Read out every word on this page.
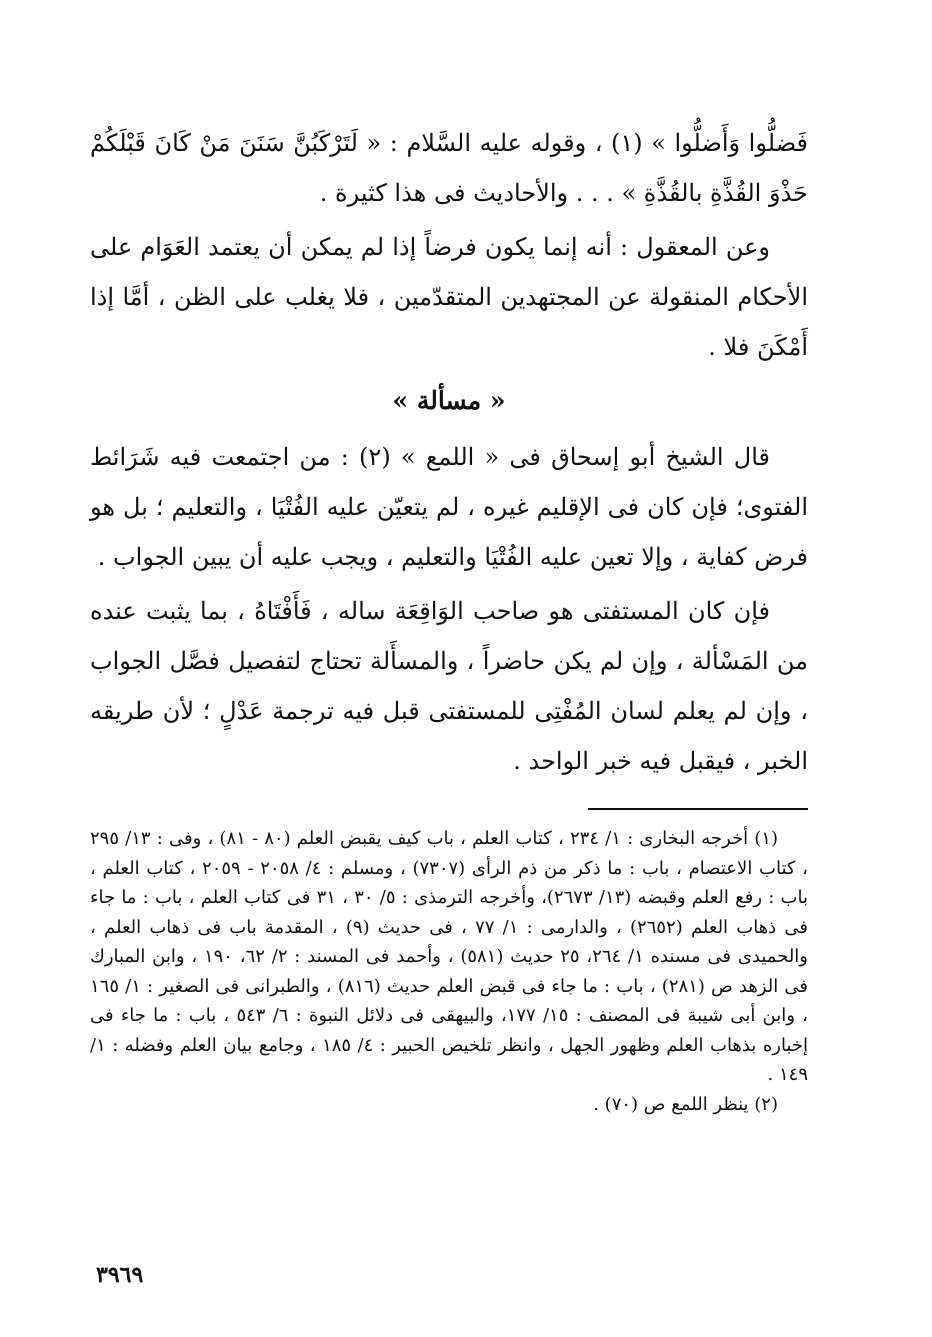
فَضلُّوا وَأَضلُّوا » (١) ، وقوله عليه السَّلام : « لَتَرْكَبُنَّ سَنَنَ مَنْ كَانَ قَبْلَكُمْ حَذْوَ القُذَّةِ بالقُذَّةِ » . . . والأحاديث فى هذا كثيرة .

وعن المعقول : أنه إنما يكون فرضاً إذا لم يمكن أن يعتمد العَوَام على الأحكام المنقولة عن المجتهدين المتقدّمين ، فلا يغلب على الظن ، أمَّا إذا أَمْكَنَ فلا .

« مسألة »

قال الشيخ أبو إسحاق فى « اللمع » (٢) : من اجتمعت فيه شَرَائط الفتوى؛ فإن كان فى الإقليم غيره ، لم يتعيّن عليه الفُتْيَا ، والتعليم ؛ بل هو فرض كفاية ، وإلا تعين عليه الفُتْيَا والتعليم ، ويجب عليه أن يبين الجواب .

فإن كان المستفتى هو صاحب الوَاقِعَة ساله ، فَأَفْتَاهُ ، بما يثبت عنده من المَسْألة ، وإن لم يكن حاضراً ، والمسأَلة تحتاج لتفصيل فصَّل الجواب ، وإن لم يعلم لسان المُفْتِى للمستفتى قبل فيه ترجمة عَدْلٍ ؛ لأن طريقه الخبر ، فيقبل فيه خبر الواحد .

(١) أخرجه البخارى : ١/ ٢٣٤ ، كتاب العلم ، باب كيف يقبض العلم (٨٠ - ٨١) ، وفى : ١٣/ ٢٩٥ ، كتاب الاعتصام ، باب : ما ذكر من ذم الرأى (٧٣٠٧) ، ومسلم : ٤/ ٢٠٥٨ - ٢٠٥٩ ، كتاب العلم ، باب : رفع العلم وقبضه (١٣/ ٢٦٧٣)، وأخرجه الترمذى : ٥/ ٣٠ ، ٣١ فى كتاب العلم ، باب : ما جاء فى ذهاب العلم (٢٦٥٢) ، والدارمى : ١/ ٧٧ ، فى حديث (٩) ، المقدمة باب فى ذهاب العلم ، والحميدى فى مسنده ١/ ٢٦٤، ٢٥ حديث (٥٨١) ، وأحمد فى المسند : ٢/ ٦٢، ١٩٠ ، وابن المبارك فى الزهد ص (٢٨١) ، باب : ما جاء فى قبض العلم حديث (٨١٦) ، والطبرانى فى الصغير : ١/ ١٦٥ ، وابن أبى شيبة فى المصنف : ١٥/ ١٧٧، والبيهقى فى دلائل النبوة : ٦/ ٥٤٣ ، باب : ما جاء فى إخباره بذهاب العلم وظهور الجهل ، وانظر تلخيص الحبير : ٤/ ١٨٥ ، وجامع بيان العلم وفضله : ١/ ١٤٩ .

(٢) ينظر اللمع ص (٧٠) .

٣٩٦٩
